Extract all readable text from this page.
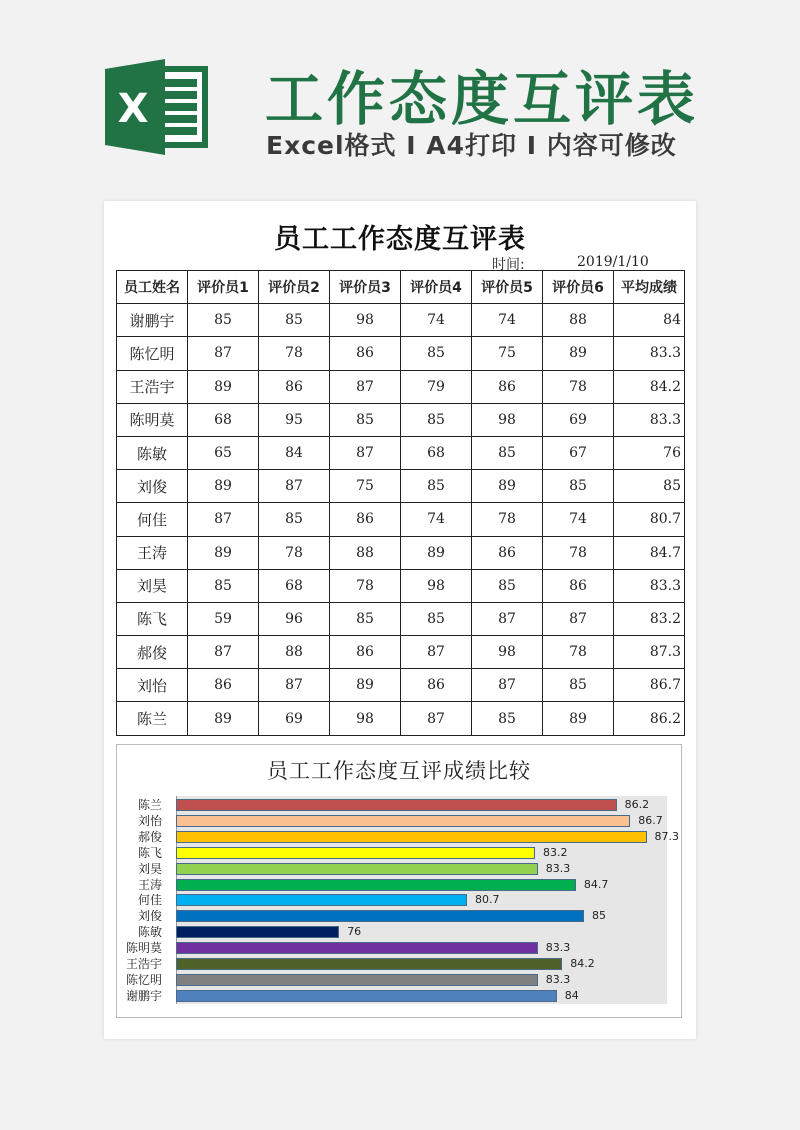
X 工作态度互评表
Excel格式 I A4打印 I 内容可修改
员工工作态度互评表
时间:	2019/1/10
员工姓名	评价员1	评价员2	评价员3	评价员4	评价员5	评价员6	平均成绩
谢鹏宇	85	85	98	74	74	88	84
陈忆明	87	78	86	85	75	89	83.3
王浩宇	89	86	87	79	86	78	84.2
陈明莫	68	95	85	85	98	69	83.3
陈敏	65	84	87	68	85	67	76
刘俊	89	87	75	85	89	85	85
何佳	87	85	86	74	78	74	80.7
王涛	89	78	88	89	86	78	84.7
刘昊	85	68	78	98	85	86	83.3
陈飞	59	96	85	85	87	87	83.2
郝俊	87	88	86	87	98	78	87.3
刘怡	86	87	89	86	87	85	86.7
陈兰	89	69	98	87	85	89	86.2
员工工作态度互评成绩比较
陈兰	86.2
刘怡	86.7
郝俊	87.3
陈飞	83.2
刘昊	83.3
王涛	84.7
何佳	80.7
刘俊	85
陈敏	76
陈明莫	83.3
王浩宇	84.2
陈忆明	83.3
谢鹏宇	84
